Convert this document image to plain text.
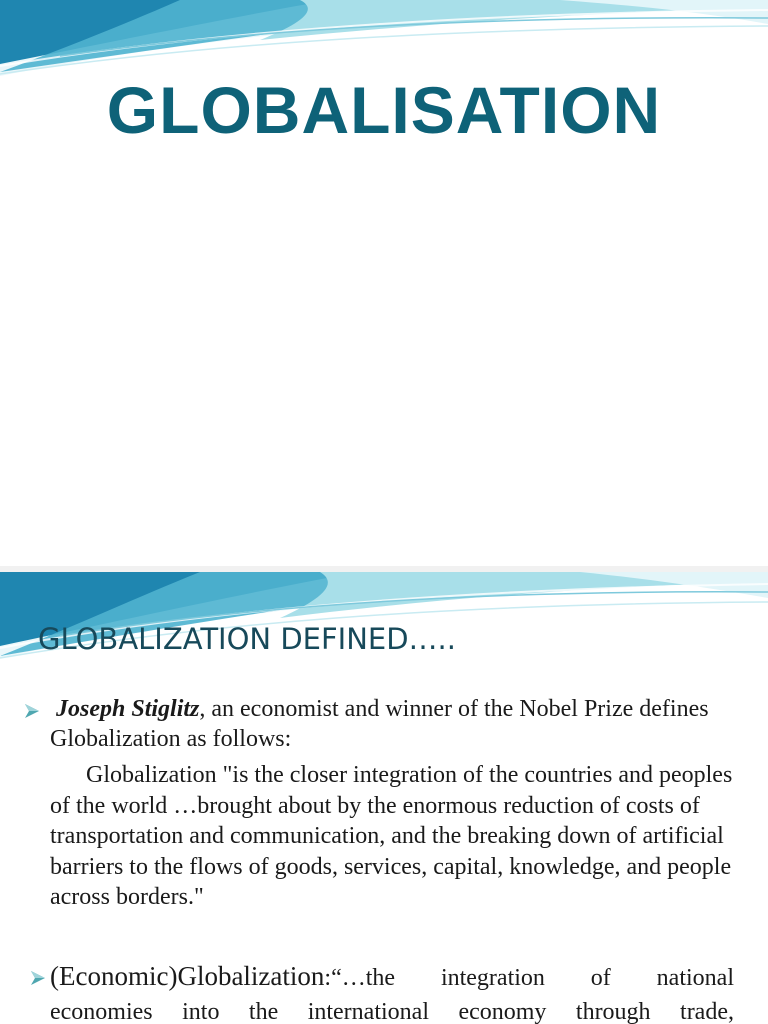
GLOBALISATION
GLOBALIZATION DEFINED…..

Joseph Stiglitz, an economist and winner of the Nobel Prize defines Globalization as follows:

Globalization "is the closer integration of the countries and peoples of the world …brought about by the enormous reduction of costs of transportation and communication, and the breaking down of artificial barriers to the flows of goods, services, capital, knowledge, and people across borders."

(Economic)Globalization:“…the integration of national

economies into the international economy through trade,
